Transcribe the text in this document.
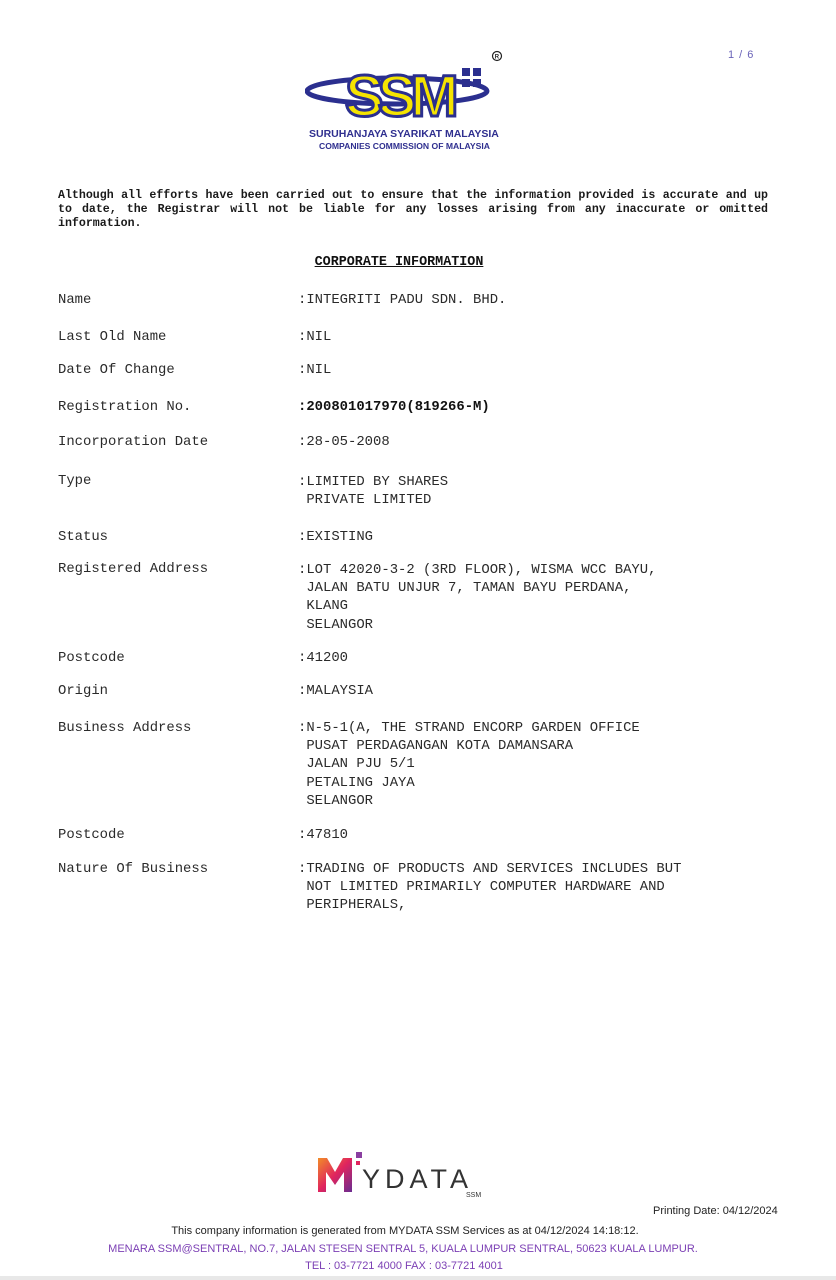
1 / 6
SSM
R
SURUHANJAYA SYARIKAT MALAYSIA
COMPANIES COMMISSION OF MALAYSIA
Although all efforts have been carried out to ensure that the information provided is accurate and up to date, the Registrar will not be liable for any losses arising from any inaccurate or omitted information.
CORPORATE INFORMATION
Name	:INTEGRITI PADU SDN. BHD.
Last Old Name	:NIL
Date Of Change	:NIL
Registration No.	:200801017970(819266-M)
Incorporation Date	:28-05-2008
Type	:LIMITED BY SHARES
PRIVATE LIMITED
Status	:EXISTING
Registered Address	:LOT 42020-3-2 (3RD FLOOR), WISMA WCC BAYU,
JALAN BATU UNJUR 7, TAMAN BAYU PERDANA,
KLANG
SELANGOR
Postcode	:41200
Origin	:MALAYSIA
Business Address	:N-5-1(A, THE STRAND ENCORP GARDEN OFFICE
PUSAT PERDAGANGAN KOTA DAMANSARA
JALAN PJU 5/1
PETALING JAYA
SELANGOR
Postcode	:47810
Nature Of Business	:TRADING OF PRODUCTS AND SERVICES INCLUDES BUT
NOT LIMITED PRIMARILY COMPUTER HARDWARE AND
PERIPHERALS,
YDATA
SSM
Printing Date: 04/12/2024
This company information is generated from MYDATA SSM Services as at 04/12/2024 14:18:12.
MENARA SSM@SENTRAL, NO.7, JALAN STESEN SENTRAL 5, KUALA LUMPUR SENTRAL, 50623 KUALA LUMPUR.
TEL : 03-7721 4000 FAX : 03-7721 4001
